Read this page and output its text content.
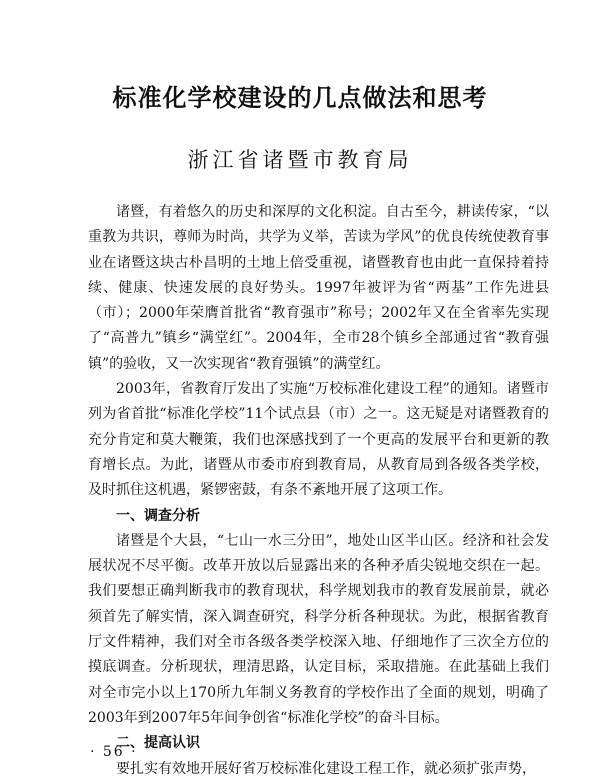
标准化学校建设的几点做法和思考
浙江省诸暨市教育局

诸暨，有着悠久的历史和深厚的文化积淀。自古至今，耕读传家，“以重教为共识，尊师为时尚，共学为义举，苦读为学风”的优良传统使教育事业在诸暨这块古朴昌明的土地上倍受重视，诸暨教育也由此一直保持着持续、健康、快速发展的良好势头。1997年被评为省“两基”工作先进县（市）；2000年荣膺首批省“教育强市”称号；2002年又在全省率先实现了“高普九”镇乡“满堂红”。2004年，全市28个镇乡全部通过省“教育强镇”的验收，又一次实现省“教育强镇”的满堂红。

2003年，省教育厅发出了实施“万校标准化建设工程”的通知。诸暨市列为省首批“标准化学校”11个试点县（市）之一。这无疑是对诸暨教育的充分肯定和莫大鞭策，我们也深感找到了一个更高的发展平台和更新的教育增长点。为此，诸暨从市委市府到教育局，从教育局到各级各类学校，及时抓住这机遇，紧锣密鼓，有条不紊地开展了这项工作。

一、调查分析

诸暨是个大县，“七山一水三分田”，地处山区半山区。经济和社会发展状况不尽平衡。改革开放以后显露出来的各种矛盾尖锐地交织在一起。我们要想正确判断我市的教育现状，科学规划我市的教育发展前景，就必须首先了解实情，深入调查研究，科学分析各种现状。为此，根据省教育厅文件精神，我们对全市各级各类学校深入地、仔细地作了三次全方位的摸底调查。分析现状，理清思路，认定目标，采取措施。在此基础上我们对全市完小以上170所九年制义务教育的学校作出了全面的规划，明确了2003年到2007年5年间争创省“标准化学校”的奋斗目标。

二、提高认识

要扎实有效地开展好省万校标准化建设工程工作，就必须扩张声势，

· 56 ·
